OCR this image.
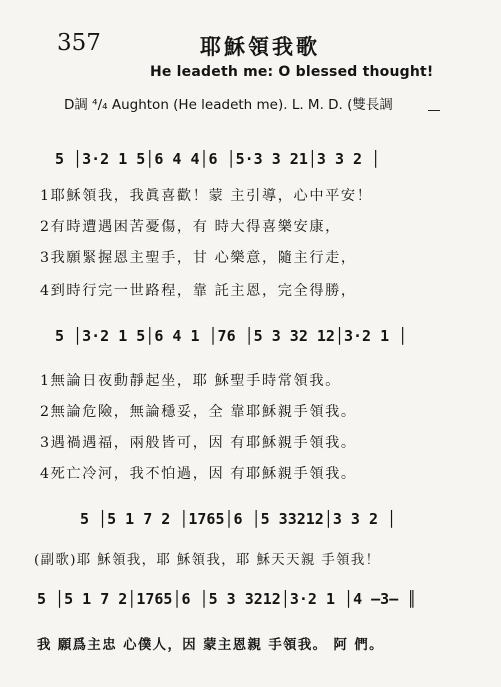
357	耶穌領我歌
He leadeth me: O blessed thought!
D調 ⁴/₄ Aughton (He leadeth me). L. M. D. (雙長調
5 │3·2 1 5│6 4 4│6 │5·3 3 21│3 3 2 │
1耶穌領我，我眞喜歡！蒙 主引導，心中平安！
2有時遭遇困苦憂傷，有 時大得喜樂安康，
3我願緊握恩主聖手，甘 心樂意，隨主行走，
4到時行完一世路程，靠 託主恩，完全得勝，
5 │3·2 1 5│6 4 1 │76 │5 3 32 12│3·2 1 │
1無論日夜動靜起坐，耶 穌聖手時常領我。
2無論危險，無論穩妥，全 靠耶穌親手領我。
3遇禍遇福，兩般皆可，因 有耶穌親手領我。
4死亡冷河，我不怕過，因 有耶穌親手領我。
5 │5 1 7 2 │1765│6 │5 33212│3 3 2 │
(副歌)耶 穌領我，耶 穌領我，耶 穌天天親 手領我！
5 │5 1 7 2│1765│6 │5 3 3212│3·2 1 │4 —3— ║
我 願爲主忠 心僕人，因 蒙主恩親 手領我。 阿 們。
